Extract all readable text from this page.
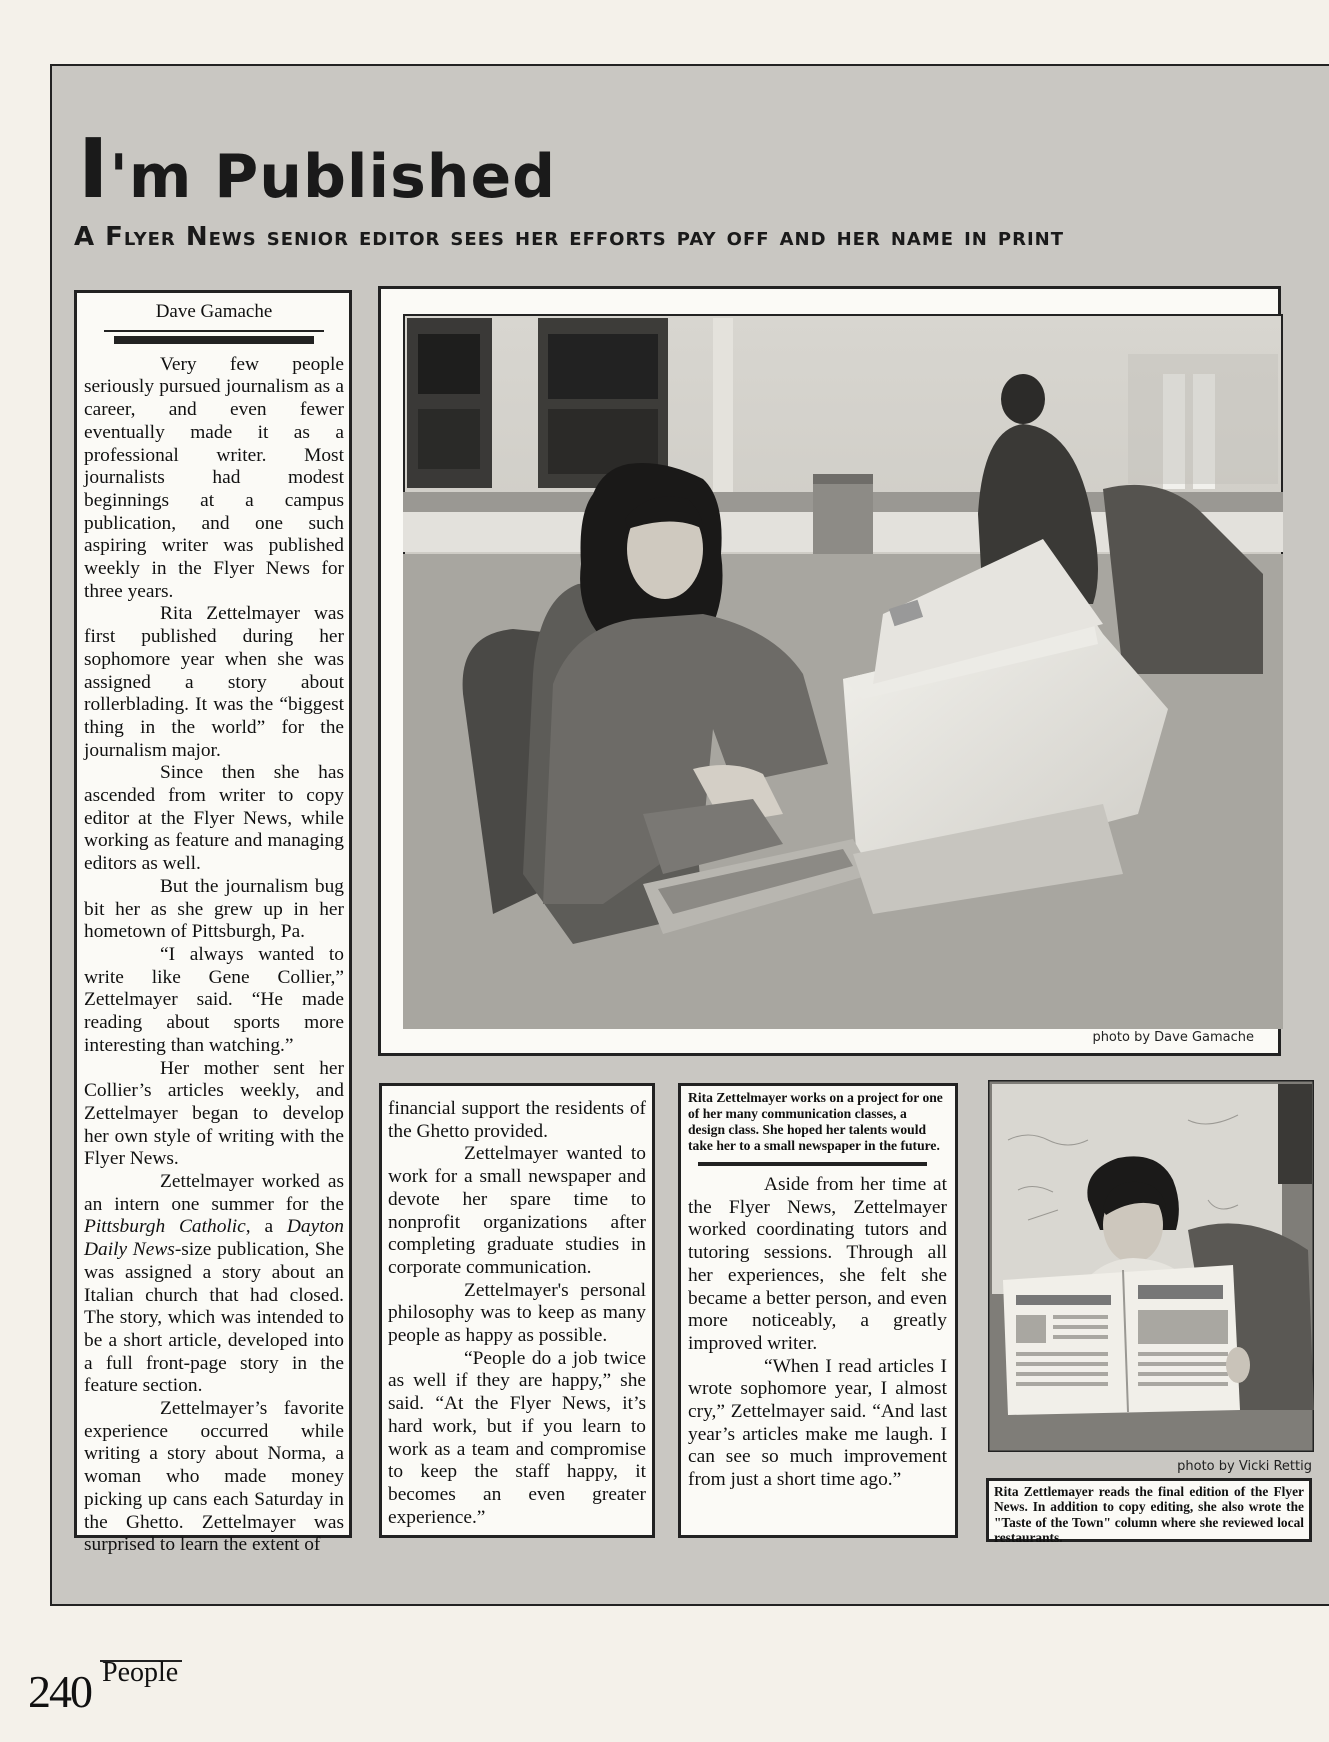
I'm Published
A Flyer News senior editor sees her efforts pay off and her name in print
Dave Gamache

Very few people seriously pursued journalism as a career, and even fewer eventually made it as a professional writer. Most journalists had modest beginnings at a campus publication, and one such aspiring writer was published weekly in the Flyer News for three years.

Rita Zettelmayer was first published during her sophomore year when she was assigned a story about rollerblading. It was the “biggest thing in the world” for the journalism major.

Since then she has ascended from writer to copy editor at the Flyer News, while working as feature and managing editors as well.

But the journalism bug bit her as she grew up in her hometown of Pittsburgh, Pa.

“I always wanted to write like Gene Collier,” Zettelmayer said. “He made reading about sports more interesting than watching.”

Her mother sent her Collier’s articles weekly, and Zettelmayer began to develop her own style of writing with the Flyer News.

Zettelmayer worked as an intern one summer for the Pittsburgh Catholic, a Dayton Daily News-size publication, She was assigned a story about an Italian church that had closed. The story, which was intended to be a short article, developed into a full front-page story in the feature section.

Zettelmayer’s favorite experience occurred while writing a story about Norma, a woman who made money picking up cans each Saturday in the Ghetto. Zettelmayer was surprised to learn the extent of

photo by Dave Gamache

financial support the residents of the Ghetto provided.

Zettelmayer wanted to work for a small newspaper and devote her spare time to nonprofit organizations after completing graduate studies in corporate communication.

Zettelmayer's personal philosophy was to keep as many people as happy as possible.

“People do a job twice as well if they are happy,” she said. “At the Flyer News, it’s hard work, but if you learn to work as a team and compromise to keep the staff happy, it becomes an even greater experience.”

Rita Zettelmayer works on a project for one of her many communication classes, a design class. She hoped her talents would take her to a small newspaper in the future.

Aside from her time at the Flyer News, Zettelmayer worked coordinating tutors and tutoring sessions. Through all her experiences, she felt she became a better person, and even more noticeably, a greatly improved writer.

“When I read articles I wrote sophomore year, I almost cry,” Zettelmayer said. “And last year’s articles make me laugh. I can see so much improvement from just a short time ago.”

photo by Vicki Rettig

Rita Zettlemayer reads the final edition of the Flyer News. In addition to copy editing, she also wrote the "Taste of the Town" column where she reviewed local restaurants.

240 People
